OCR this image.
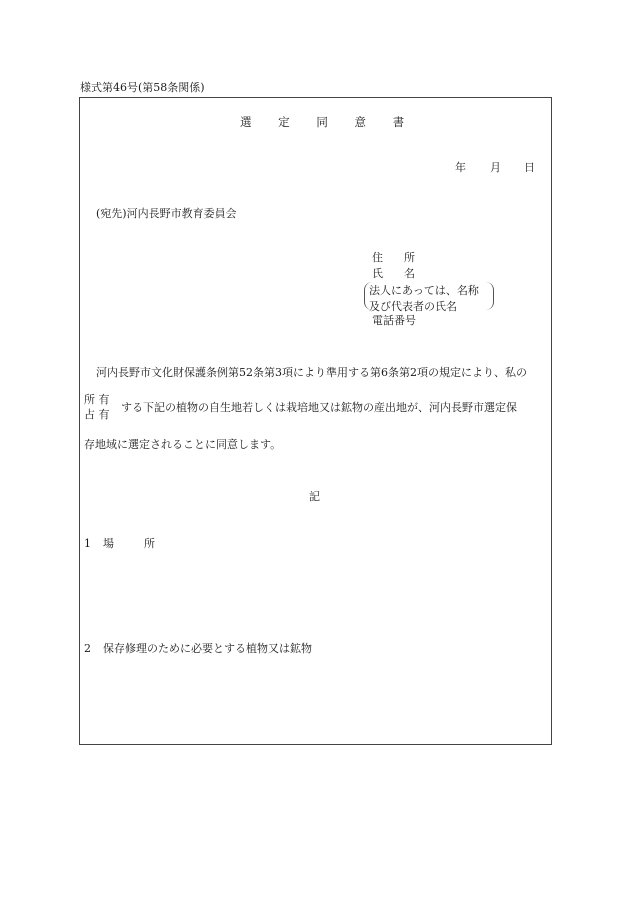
様式第46号(第58条関係)
選 定 同 意 書
年 月 日
(宛先)河内長野市教育委員会
住 所
氏 名
法人にあっては、名称
及び代表者の氏名
電話番号
河内長野市文化財保護条例第52条第3項により準用する第6条第2項の規定により、私の
所 有
占 有
する下記の植物の自生地若しくは栽培地又は鉱物の産出地が、河内長野市選定保
存地域に選定されることに同意します。
記
1 場	所
2 保存修理のために必要とする植物又は鉱物
